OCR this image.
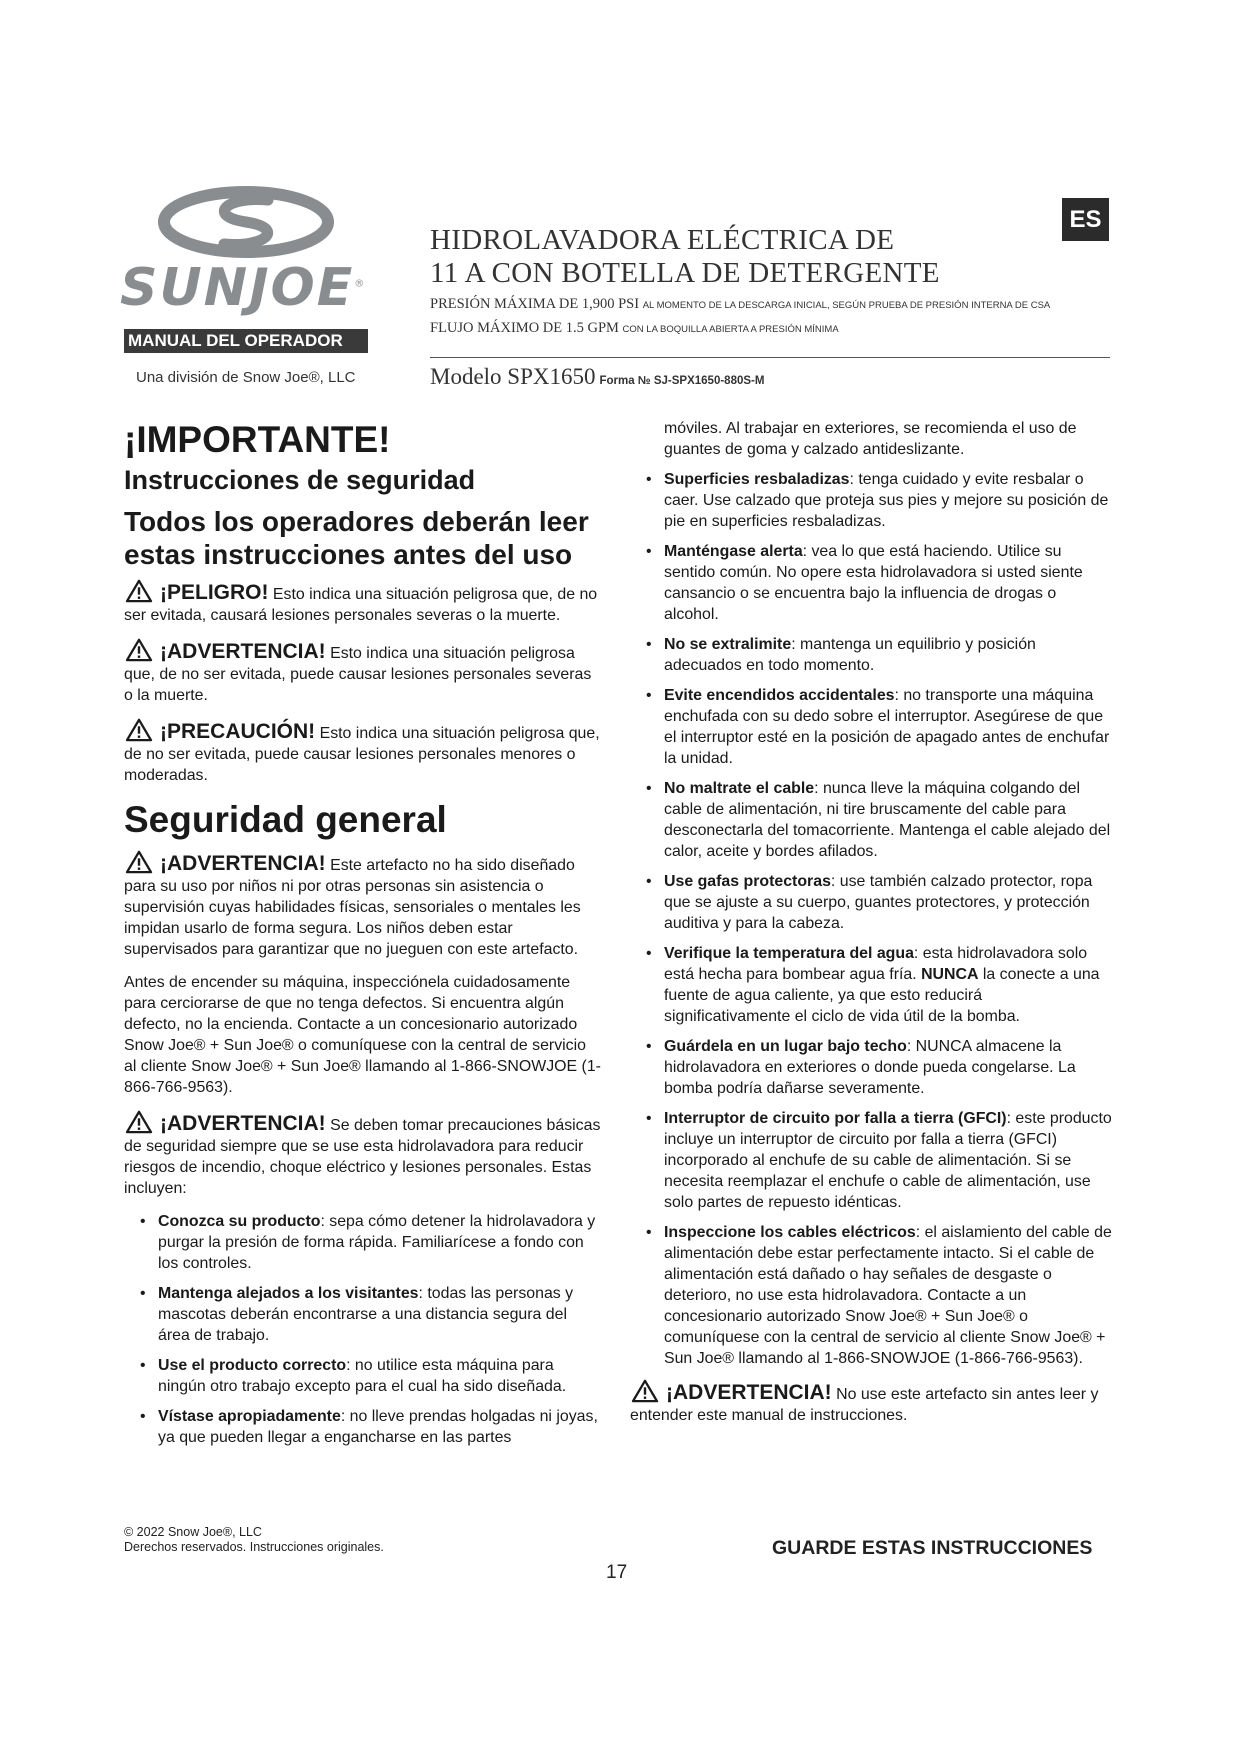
SUNJOE®
MANUAL DEL OPERADOR
Una división de Snow Joe®, LLC
HIDROLAVADORA ELÉCTRICA DE
11 A CON BOTELLA DE DETERGENTE
PRESIÓN MÁXIMA DE 1,900 PSI AL MOMENTO DE LA DESCARGA INICIAL, SEGÚN PRUEBA DE PRESIÓN INTERNA DE CSA
FLUJO MÁXIMO DE 1.5 GPM CON LA BOQUILLA ABIERTA A PRESIÓN MÍNIMA
Modelo SPX1650 Forma № SJ-SPX1650-880S-M
ES
¡IMPORTANTE!
Instrucciones de seguridad
Todos los operadores deberán leer estas instrucciones antes del uso

¡PELIGRO! Esto indica una situación peligrosa que, de no ser evitada, causará lesiones personales severas o la muerte.

¡ADVERTENCIA! Esto indica una situación peligrosa que, de no ser evitada, puede causar lesiones personales severas o la muerte.

¡PRECAUCIÓN! Esto indica una situación peligrosa que, de no ser evitada, puede causar lesiones personales menores o moderadas.

Seguridad general

¡ADVERTENCIA! Este artefacto no ha sido diseñado para su uso por niños ni por otras personas sin asistencia o supervisión cuyas habilidades físicas, sensoriales o mentales les impidan usarlo de forma segura. Los niños deben estar supervisados para garantizar que no jueguen con este artefacto.

Antes de encender su máquina, inspecciónela cuidadosamente para cerciorarse de que no tenga defectos. Si encuentra algún defecto, no la encienda. Contacte a un concesionario autorizado Snow Joe® + Sun Joe® o comuníquese con la central de servicio al cliente Snow Joe® + Sun Joe® llamando al 1-866-SNOWJOE (1-866-766-9563).

¡ADVERTENCIA! Se deben tomar precauciones básicas de seguridad siempre que se use esta hidrolavadora para reducir riesgos de incendio, choque eléctrico y lesiones personales. Estas incluyen:

• Conozca su producto: sepa cómo detener la hidrolavadora y purgar la presión de forma rápida. Familiarícese a fondo con los controles.
• Mantenga alejados a los visitantes: todas las personas y mascotas deberán encontrarse a una distancia segura del área de trabajo.
• Use el producto correcto: no utilice esta máquina para ningún otro trabajo excepto para el cual ha sido diseñada.
• Vístase apropiadamente: no lleve prendas holgadas ni joyas, ya que pueden llegar a engancharse en las partes

móviles. Al trabajar en exteriores, se recomienda el uso de guantes de goma y calzado antideslizante.

• Superficies resbaladizas: tenga cuidado y evite resbalar o caer. Use calzado que proteja sus pies y mejore su posición de pie en superficies resbaladizas.
• Manténgase alerta: vea lo que está haciendo. Utilice su sentido común. No opere esta hidrolavadora si usted siente cansancio o se encuentra bajo la influencia de drogas o alcohol.
• No se extralimite: mantenga un equilibrio y posición adecuados en todo momento.
• Evite encendidos accidentales: no transporte una máquina enchufada con su dedo sobre el interruptor. Asegúrese de que el interruptor esté en la posición de apagado antes de enchufar la unidad.
• No maltrate el cable: nunca lleve la máquina colgando del cable de alimentación, ni tire bruscamente del cable para desconectarla del tomacorriente. Mantenga el cable alejado del calor, aceite y bordes afilados.
• Use gafas protectoras: use también calzado protector, ropa que se ajuste a su cuerpo, guantes protectores, y protección auditiva y para la cabeza.
• Verifique la temperatura del agua: esta hidrolavadora solo está hecha para bombear agua fría. NUNCA la conecte a una fuente de agua caliente, ya que esto reducirá significativamente el ciclo de vida útil de la bomba.
• Guárdela en un lugar bajo techo: NUNCA almacene la hidrolavadora en exteriores o donde pueda congelarse. La bomba podría dañarse severamente.
• Interruptor de circuito por falla a tierra (GFCI): este producto incluye un interruptor de circuito por falla a tierra (GFCI) incorporado al enchufe de su cable de alimentación. Si se necesita reemplazar el enchufe o cable de alimentación, use solo partes de repuesto idénticas.
• Inspeccione los cables eléctricos: el aislamiento del cable de alimentación debe estar perfectamente intacto. Si el cable de alimentación está dañado o hay señales de desgaste o deterioro, no use esta hidrolavadora. Contacte a un concesionario autorizado Snow Joe® + Sun Joe® o comuníquese con la central de servicio al cliente Snow Joe® + Sun Joe® llamando al 1-866-SNOWJOE (1-866-766-9563).

¡ADVERTENCIA! No use este artefacto sin antes leer y entender este manual de instrucciones.

© 2022 Snow Joe®, LLC
Derechos reservados. Instrucciones originales.	GUARDE ESTAS INSTRUCCIONES
17
